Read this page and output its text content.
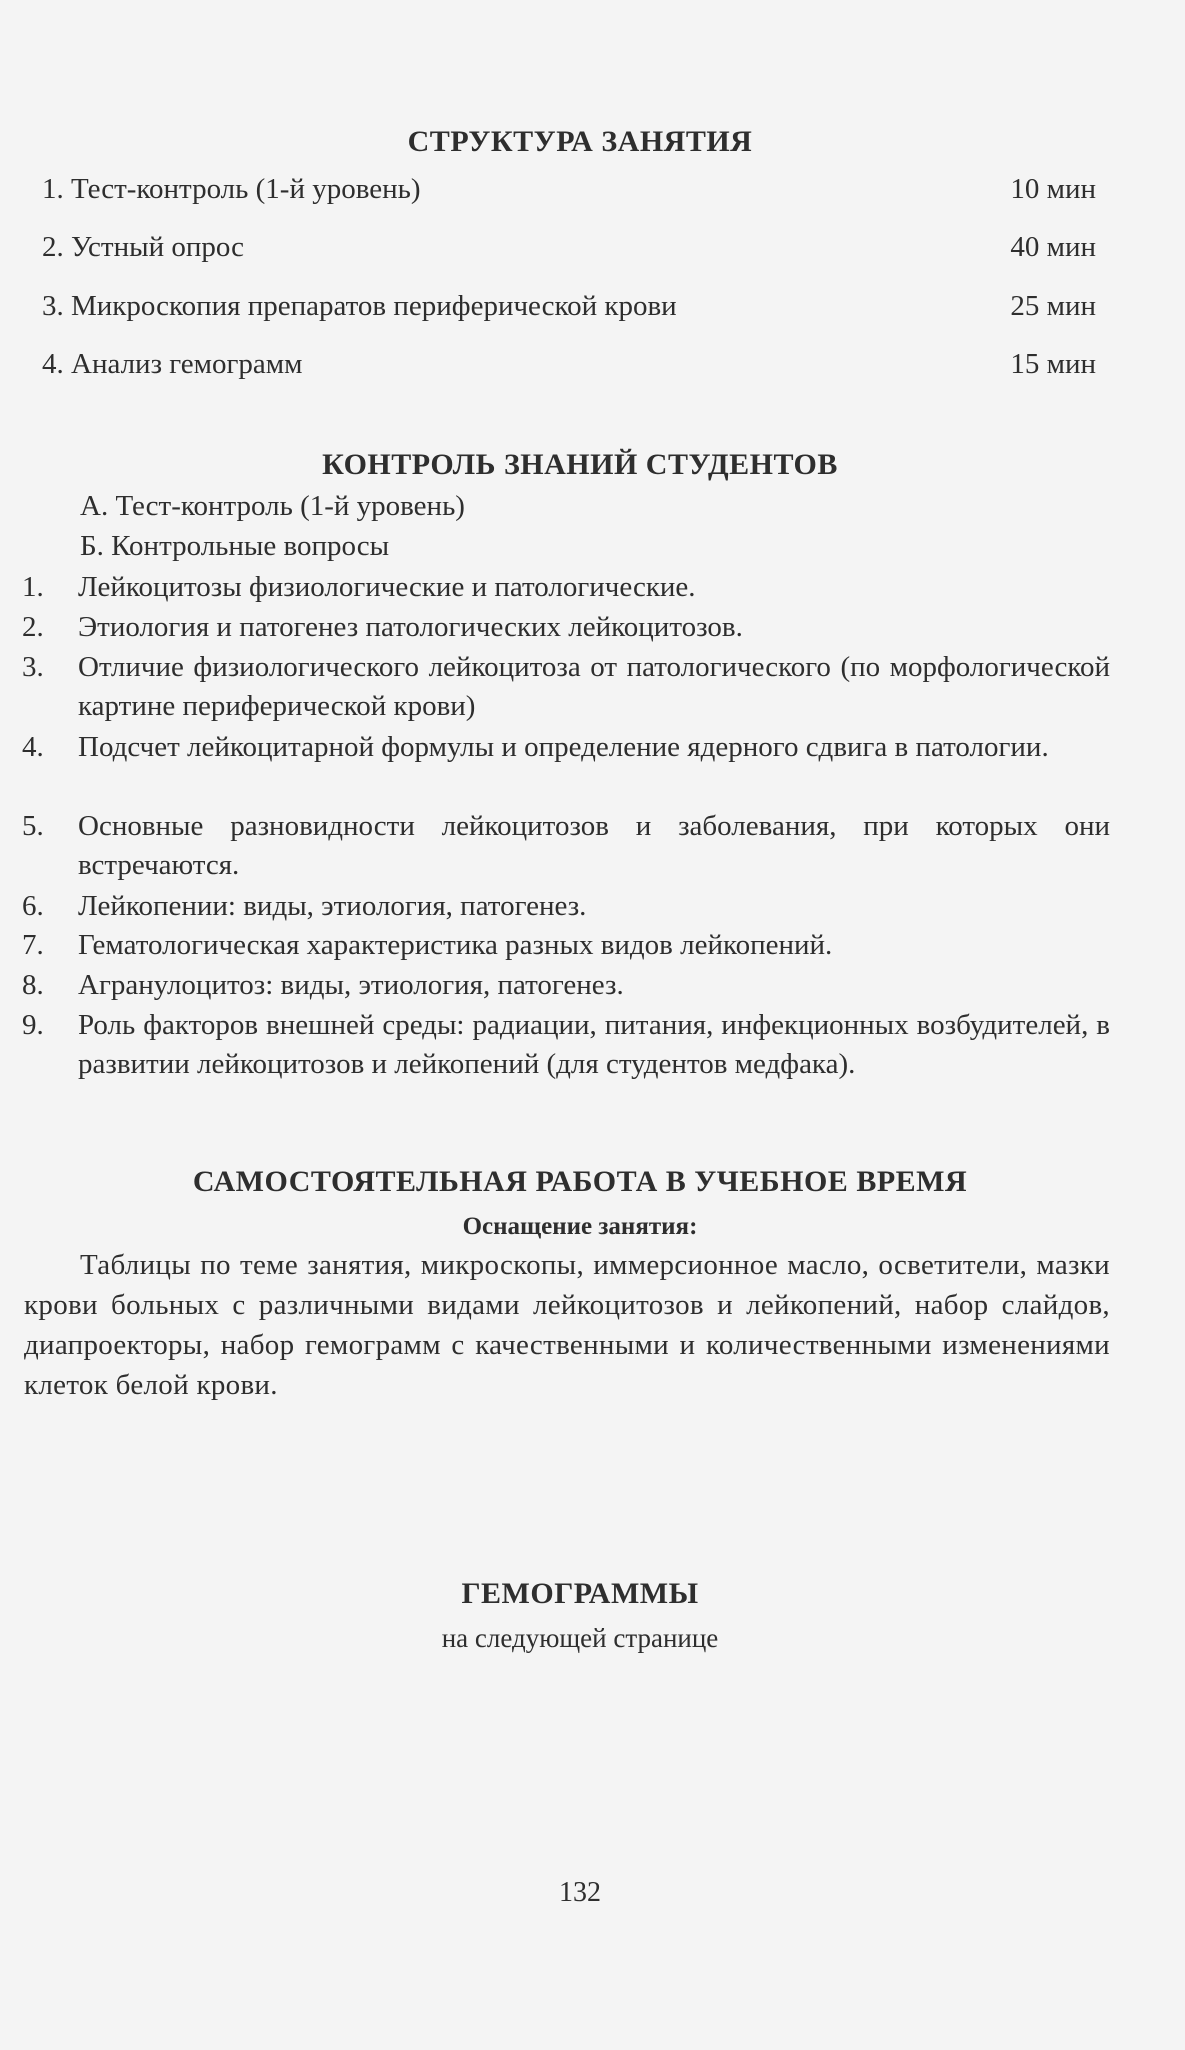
СТРУКТУРА ЗАНЯТИЯ
1. Тест-контроль (1-й уровень)	10 мин
2. Устный опрос	40 мин
3. Микроскопия препаратов периферической крови	25 мин
4. Анализ гемограмм	15 мин
КОНТРОЛЬ ЗНАНИЙ СТУДЕНТОВ
А. Тест-контроль (1-й уровень)
Б. Контрольные вопросы
1.	Лейкоцитозы физиологические и патологические.
2.	Этиология и патогенез патологических лейкоцитозов.
3.	Отличие физиологического лейкоцитоза от патологического (по морфологической картине периферической крови)
4.	Подсчет лейкоцитарной формулы и определение ядерного сдвига в патологии.
5.	Основные разновидности лейкоцитозов и заболевания, при которых они встречаются.
6.	Лейкопении: виды, этиология, патогенез.
7.	Гематологическая характеристика разных видов лейкопений.
8.	Агранулоцитоз: виды, этиология, патогенез.
9.	Роль факторов внешней среды: радиации, питания, инфекционных возбудителей, в развитии лейкоцитозов и лейкопений (для студентов медфака).
САМОСТОЯТЕЛЬНАЯ РАБОТА В УЧЕБНОЕ ВРЕМЯ
Оснащение занятия:
Таблицы по теме занятия, микроскопы, иммерсионное масло, осветители, мазки крови больных с различными видами лейкоцитозов и лейкопений, набор слайдов, диапроекторы, набор гемограмм с качественными и количественными изменениями клеток белой крови.
ГЕМОГРАММЫ
на следующей странице
132
